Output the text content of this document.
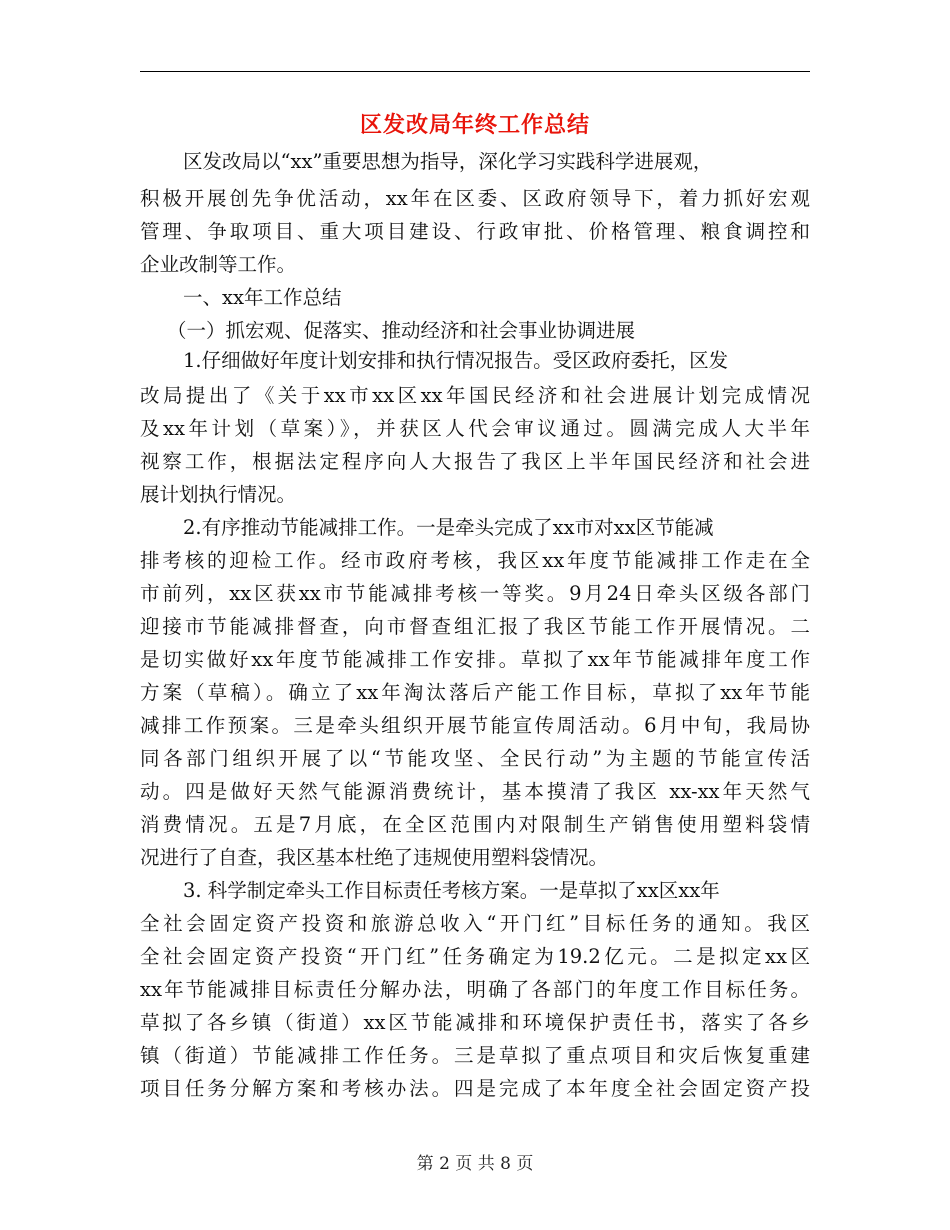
区发改局年终工作总结
区发改局以“xx”重要思想为指导，深化学习实践科学进展观，
积极开展创先争优活动，xx年在区委、区政府领导下，着力抓好宏观
管理、争取项目、重大项目建设、行政审批、价格管理、粮食调控和
企业改制等工作。
一、xx年工作总结
（一）抓宏观、促落实、推动经济和社会事业协调进展
1.仔细做好年度计划安排和执行情况报告。受区政府委托，区发
改局提出了《关于xx市xx区xx年国民经济和社会进展计划完成情况
及xx年计划（草案）》，并获区人代会审议通过。圆满完成人大半年
视察工作，根据法定程序向人大报告了我区上半年国民经济和社会进
展计划执行情况。
2.有序推动节能减排工作。一是牵头完成了xx市对xx区节能减
排考核的迎检工作。经市政府考核，我区xx年度节能减排工作走在全
市前列，xx区获xx市节能减排考核一等奖。9月24日牵头区级各部门
迎接市节能减排督查，向市督查组汇报了我区节能工作开展情况。二
是切实做好xx年度节能减排工作安排。草拟了xx年节能减排年度工作
方案（草稿）。确立了xx年淘汰落后产能工作目标，草拟了xx年节能
减排工作预案。三是牵头组织开展节能宣传周活动。6月中旬，我局协
同各部门组织开展了以“节能攻坚、全民行动”为主题的节能宣传活
动。四是做好天然气能源消费统计，基本摸清了我区 xx-xx年天然气
消费情况。五是7月底，在全区范围内对限制生产销售使用塑料袋情
况进行了自查，我区基本杜绝了违规使用塑料袋情况。
3. 科学制定牵头工作目标责任考核方案。一是草拟了xx区xx年
全社会固定资产投资和旅游总收入“开门红”目标任务的通知。我区
全社会固定资产投资“开门红”任务确定为19.2亿元。二是拟定xx区
xx年节能减排目标责任分解办法，明确了各部门的年度工作目标任务。
草拟了各乡镇（街道）xx区节能减排和环境保护责任书，落实了各乡
镇（街道）节能减排工作任务。三是草拟了重点项目和灾后恢复重建
项目任务分解方案和考核办法。四是完成了本年度全社会固定资产投
第 2 页 共 8 页
